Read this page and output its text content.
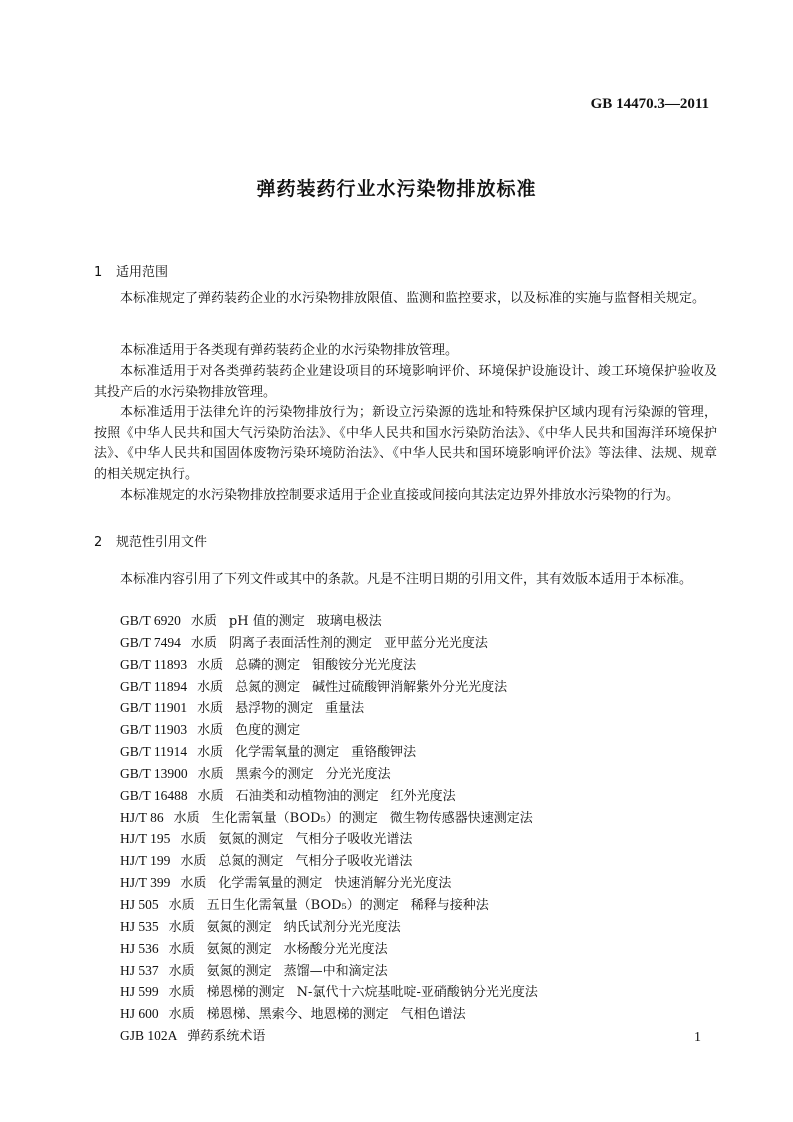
GB 14470.3—2011
弹药装药行业水污染物排放标准
1 适用范围

本标准规定了弹药装药企业的水污染物排放限值、监测和监控要求，以及标准的实施与监督相关规定。

本标准适用于各类现有弹药装药企业的水污染物排放管理。

本标准适用于对各类弹药装药企业建设项目的环境影响评价、环境保护设施设计、竣工环境保护验收及其投产后的水污染物排放管理。

本标准适用于法律允许的污染物排放行为；新设立污染源的选址和特殊保护区域内现有污染源的管理，按照《中华人民共和国大气污染防治法》、《中华人民共和国水污染防治法》、《中华人民共和国海洋环境保护法》、《中华人民共和国固体废物污染环境防治法》、《中华人民共和国环境影响评价法》等法律、法规、规章的相关规定执行。

本标准规定的水污染物排放控制要求适用于企业直接或间接向其法定边界外排放水污染物的行为。

2 规范性引用文件

本标准内容引用了下列文件或其中的条款。凡是不注明日期的引用文件，其有效版本适用于本标准。

GB/T 6920 水质 pH 值的测定 玻璃电极法
GB/T 7494 水质 阴离子表面活性剂的测定 亚甲蓝分光光度法
GB/T 11893 水质 总磷的测定 钼酸铵分光光度法
GB/T 11894 水质 总氮的测定 碱性过硫酸钾消解紫外分光光度法
GB/T 11901 水质 悬浮物的测定 重量法
GB/T 11903 水质 色度的测定
GB/T 11914 水质 化学需氧量的测定 重铬酸钾法
GB/T 13900 水质 黑索今的测定 分光光度法
GB/T 16488 水质 石油类和动植物油的测定 红外光度法
HJ/T 86 水质 生化需氧量（BOD₅）的测定 微生物传感器快速测定法
HJ/T 195 水质 氨氮的测定 气相分子吸收光谱法
HJ/T 199 水质 总氮的测定 气相分子吸收光谱法
HJ/T 399 水质 化学需氧量的测定 快速消解分光光度法
HJ 505 水质 五日生化需氧量（BOD₅）的测定 稀释与接种法
HJ 535 水质 氨氮的测定 纳氏试剂分光光度法
HJ 536 水质 氨氮的测定 水杨酸分光光度法
HJ 537 水质 氨氮的测定 蒸馏—中和滴定法
HJ 599 水质 梯恩梯的测定 N-氯代十六烷基吡啶-亚硝酸钠分光光度法
HJ 600 水质 梯恩梯、黑索今、地恩梯的测定 气相色谱法
GJB 102A 弹药系统术语	1
